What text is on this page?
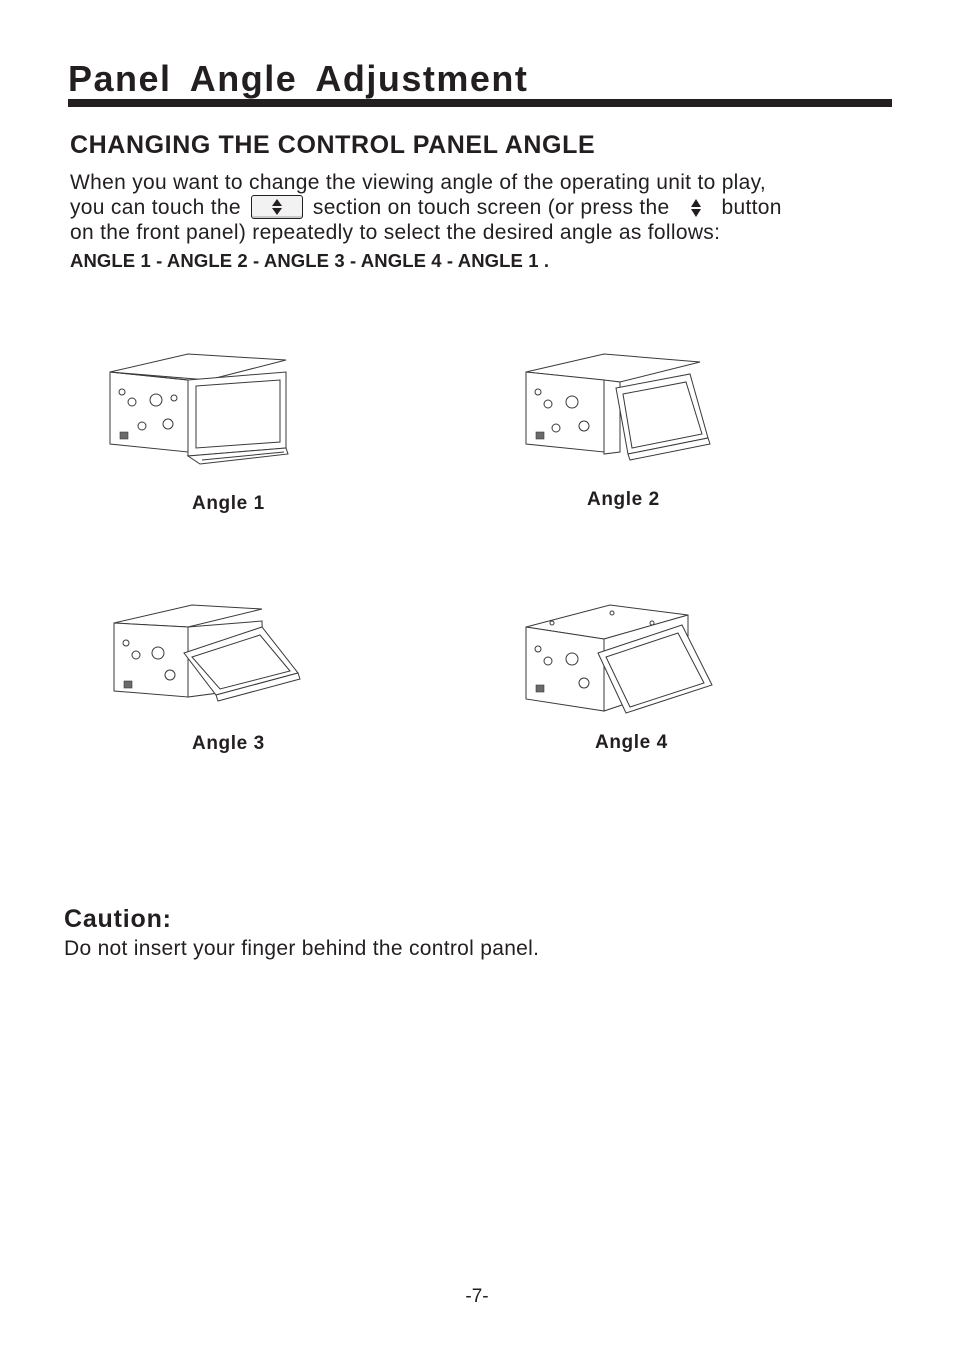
Panel Angle Adjustment
CHANGING THE CONTROL PANEL ANGLE
When you want to change the viewing angle of the operating unit to play,
you can touch the	section on touch screen (or press the button
on the front panel) repeatedly to select the desired angle as follows:

ANGLE 1 - ANGLE 2 - ANGLE 3 - ANGLE 4 - ANGLE 1 .

Angle 1	Angle 2
Angle 3	Angle 4
Caution:

Do not insert your finger behind the control panel.

-7-
